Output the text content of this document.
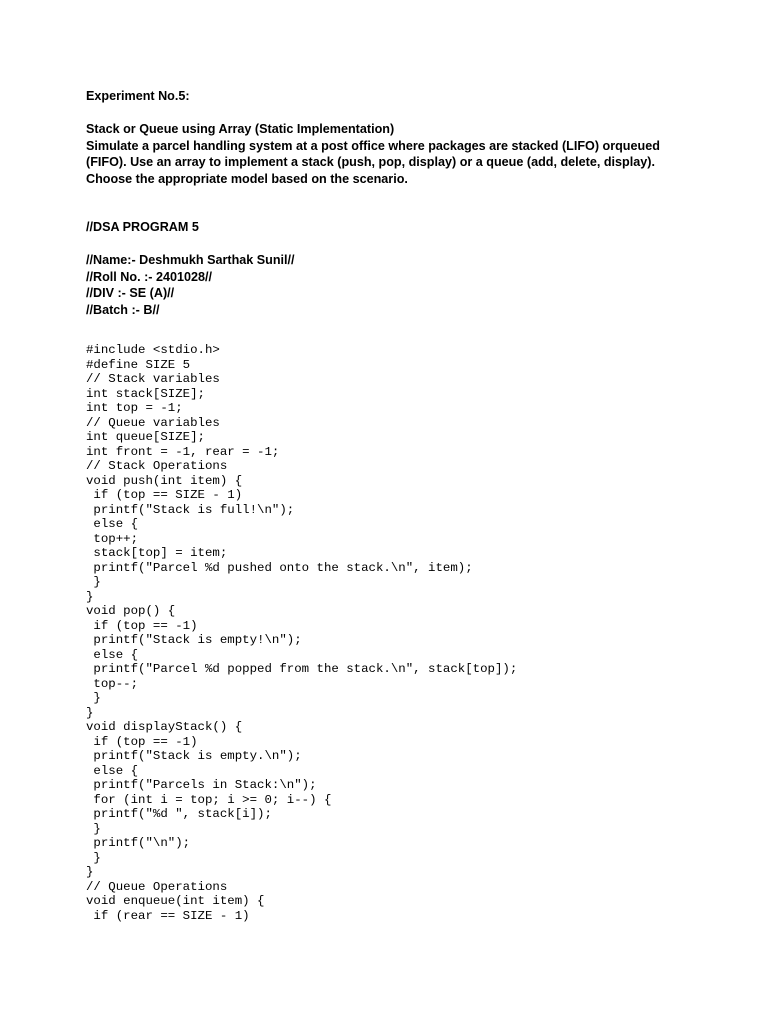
Experiment No.5:
Stack or Queue using Array (Static Implementation)
Simulate a parcel handling system at a post office where packages are stacked (LIFO) orqueued
(FIFO). Use an array to implement a stack (push, pop, display) or a queue (add, delete, display).
Choose the appropriate model based on the scenario.
//DSA PROGRAM 5
//Name:- Deshmukh Sarthak Sunil//
//Roll No. :- 2401028//
//DIV :- SE (A)//
//Batch :- B//
#include <stdio.h>
#define SIZE 5
// Stack variables
int stack[SIZE];
int top = -1;
// Queue variables
int queue[SIZE];
int front = -1, rear = -1;
// Stack Operations
void push(int item) {
if (top == SIZE - 1)
printf("Stack is full!\n");
else {
top++;
stack[top] = item;
printf("Parcel %d pushed onto the stack.\n", item);
}
}
void pop() {
if (top == -1)
printf("Stack is empty!\n");
else {
printf("Parcel %d popped from the stack.\n", stack[top]);
top--;
}
}
void displayStack() {
if (top == -1)
printf("Stack is empty.\n");
else {
printf("Parcels in Stack:\n");
for (int i = top; i >= 0; i--) {
printf("%d ", stack[i]);
}
printf("\n");
}
}
// Queue Operations
void enqueue(int item) {
if (rear == SIZE - 1)
